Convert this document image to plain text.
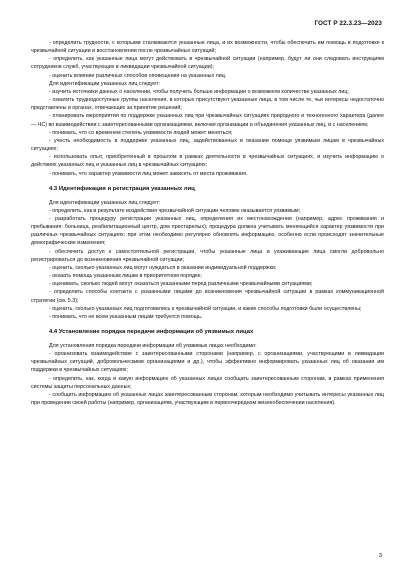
ГОСТ Р 22.3.23—2023

- определить трудности, с которыми сталкиваются указанные лица, и их возможности, чтобы обеспечить им помощь в подготовке к чрезвычайной ситуации и восстановлении после чрезвычайных ситуаций;

- определить, как указанные лица могут действовать в чрезвычайной ситуации (например, будут ли они следовать инструкциям сотрудников служб, участвующих в ликвидации чрезвычайной ситуации);

- оценить влияние различных способов оповещения на указанных лиц.

Для идентификации указанных лиц следует:

- изучить источники данных о населении, чтобы получить больше информации о возможном количестве указанных лиц;

- охватить труднодоступные группы населения, в которых присутствуют указанные лица, в том числе те, чьи интересы недостаточно представлены в органах, отвечающих за принятие решений;

- планировать мероприятия по поддержке указанных лиц при чрезвычайных ситуациях природного и техногенного характера (далее — ЧС) во взаимодействии с заинтересованными организациями, включая организации и объединения указанных лиц, и с населением;

- понимать, что со временем степень уязвимости людей может меняться;

- учесть необходимость в поддержке указанных лиц, задействованных в оказании помощи уязвимым лицам в чрезвычайных ситуациях;

- использовать опыт, приобретенный в прошлом в рамках деятельности в чрезвычайных ситуациях, и изучить информацию о действиях указанных лиц и указанных лиц в чрезвычайных ситуациях;

- понимать, что характер уязвимости лиц может зависеть от места проживания.

4.3 Идентификация и регистрация указанных лиц

Для идентификации указанных лиц следует:

- определить, как в результате воздействия чрезвычайной ситуации человек оказывается уязвимым;

- разработать процедуру регистрации указанных лиц, определения их местонахождения (например, адрес проживания и пребывания: больница, реабилитационный центр, дом престарелых); процедура должна учитывать меняющийся характер уязвимости при различных чрезвычайных ситуациях; при этом необходимо регулярно обновлять информацию, особенно если происходят значительные демографические изменения;

- обеспечить доступ к самостоятельной регистрации, чтобы указанные лица и ухаживающие лица смогли добровольно регистрироваться до возникновения чрезвычайной ситуации;

- оценить, сколько указанных лиц могут нуждаться в оказании индивидуальной поддержки;

- оказать помощь указанным лицам в приоритетном порядке;

- оценивать, сколько людей могут оказаться указанными перед различными чрезвычайными ситуациями;

- определить способы контакта с указанными лицами до возникновения чрезвычайной ситуации в рамках коммуникационной стратегии (см. 5.3);

- оценить, сколько указанных лиц подготовились к чрезвычайной ситуации, и какие способы подготовки были осуществлены;

- понимать, что не всем указанным лицам требуется помощь.

4.4 Установление порядка передачи информации об уязвимых лицах

Для установления порядка передачи информации об уязвимых лицах необходимо:

- организовать взаимодействие с заинтересованными сторонами (например, с организациями, участвующими в ликвидации чрезвычайных ситуаций, добровольческими организациями и др.), чтобы эффективно информировать указанных лиц об оказании им поддержки в чрезвычайных ситуациях;

- определить, как, когда и какую информацию об указанных лицах сообщать заинтересованным сторонам, в рамках применения системы защиты персональных данных;

- сообщить информацию об указанных лицах заинтересованным сторонам, которым необходимо учитывать интересы указанных лиц при проведении своей работы (например, организациям, участвующим в первоочередном жизнеобеспечении населения).

3
